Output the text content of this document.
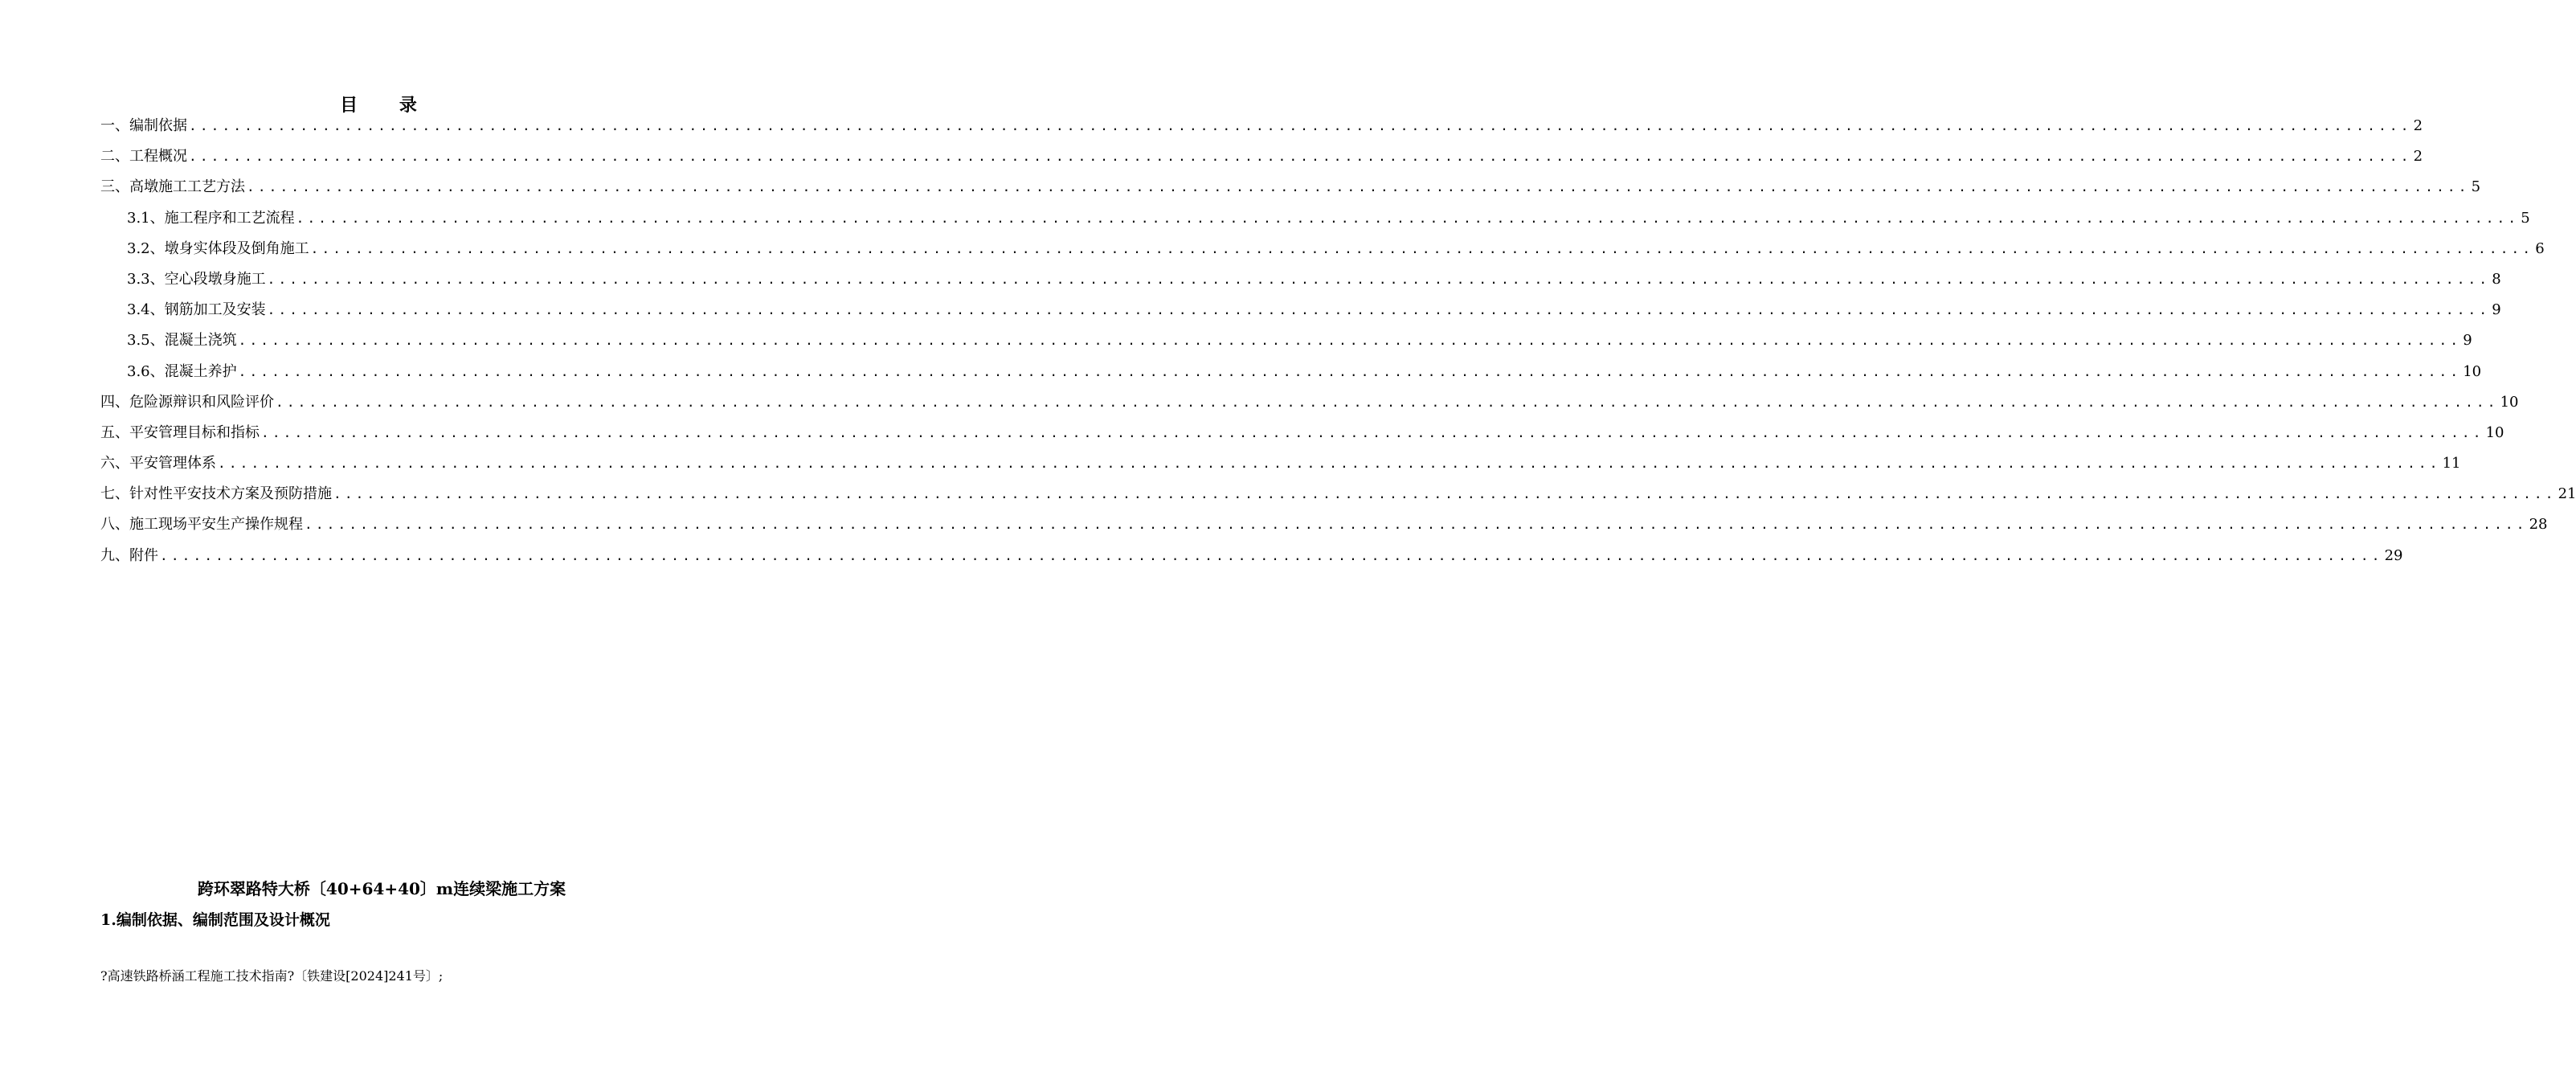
目 录
一、编制依据 ........................................................................................................................................................................................................ 2
二、工程概况 ........................................................................................................................................................................................................ 2
三、高墩施工工艺方法 ........................................................................................................................................................................................................ 5
3.1、施工程序和工艺流程 ........................................................................................................................................................................................................ 5
3.2、墩身实体段及倒角施工 ........................................................................................................................................................................................................ 6
3.3、空心段墩身施工 ........................................................................................................................................................................................................ 8
3.4、钢筋加工及安装 ........................................................................................................................................................................................................ 9
3.5、混凝土浇筑 ........................................................................................................................................................................................................ 9
3.6、混凝土养护 ........................................................................................................................................................................................................ 10
四、危险源辩识和风险评价 ........................................................................................................................................................................................................ 10
五、平安管理目标和指标 ........................................................................................................................................................................................................ 10
六、平安管理体系 ........................................................................................................................................................................................................ 11
七、针对性平安技术方案及预防措施 ........................................................................................................................................................................................................ 21
八、施工现场平安生产操作规程 ........................................................................................................................................................................................................ 28
九、附件 ........................................................................................................................................................................................................ 29
跨环翠路特大桥〔40+64+40〕m连续梁施工方案
1.编制依据、编制范围及设计概况
?高速铁路桥涵工程施工技术指南?〔铁建设[2024]241号〕;
